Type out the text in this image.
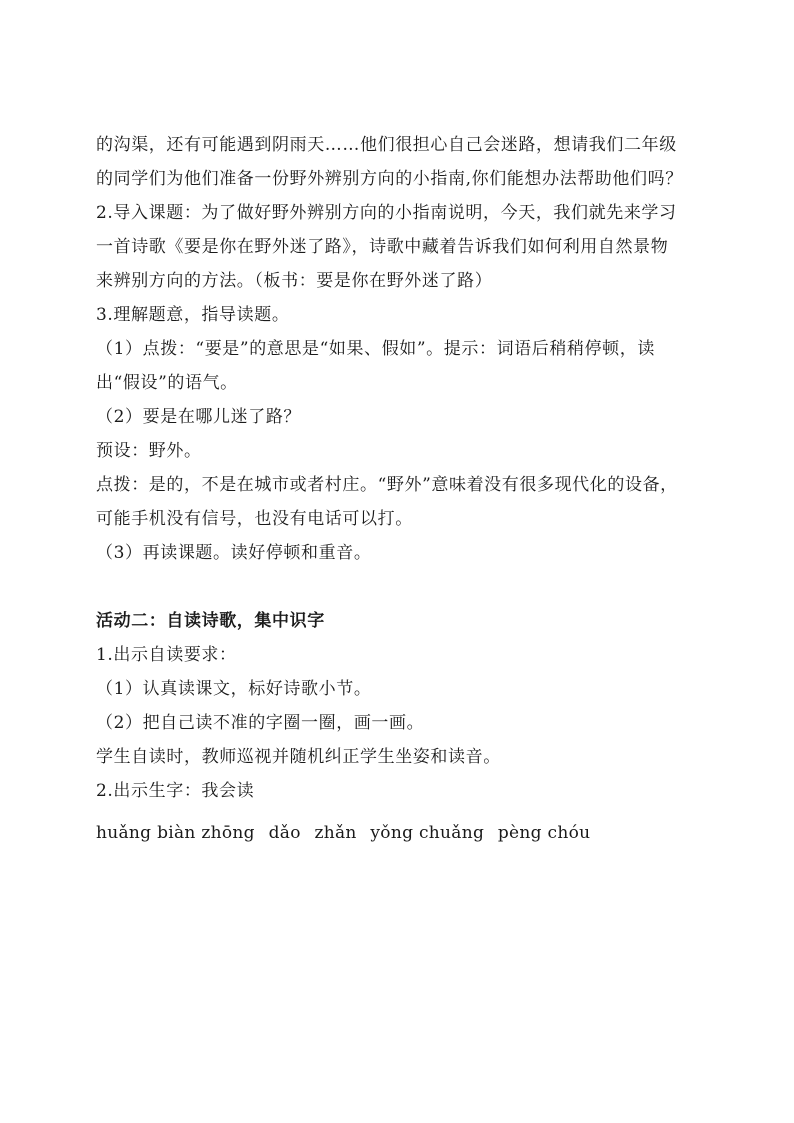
的沟渠，还有可能遇到阴雨天……他们很担心自己会迷路，想请我们二年级
的同学们为他们准备一份野外辨别方向的小指南,你们能想办法帮助他们吗？
2.导入课题：为了做好野外辨别方向的小指南说明，今天，我们就先来学习
一首诗歌《要是你在野外迷了路》，诗歌中藏着告诉我们如何利用自然景物
来辨别方向的方法。（板书：要是你在野外迷了路）
3.理解题意，指导读题。
（1）点拨：“要是”的意思是“如果、假如”。提示：词语后稍稍停顿，读
出“假设”的语气。
（2）要是在哪儿迷了路？
预设：野外。
点拨：是的，不是在城市或者村庄。“野外”意味着没有很多现代化的设备，
可能手机没有信号，也没有电话可以打。
（3）再读课题。读好停顿和重音。
活动二：自读诗歌，集中识字
1.出示自读要求：
（1）认真读课文，标好诗歌小节。
（2）把自己读不准的字圈一圈，画一画。
学生自读时，教师巡视并随机纠正学生坐姿和读音。
2.出示生字：我会读
huǎng biàn zhōng dǎo zhǎn yǒng chuǎng pèng chóu
